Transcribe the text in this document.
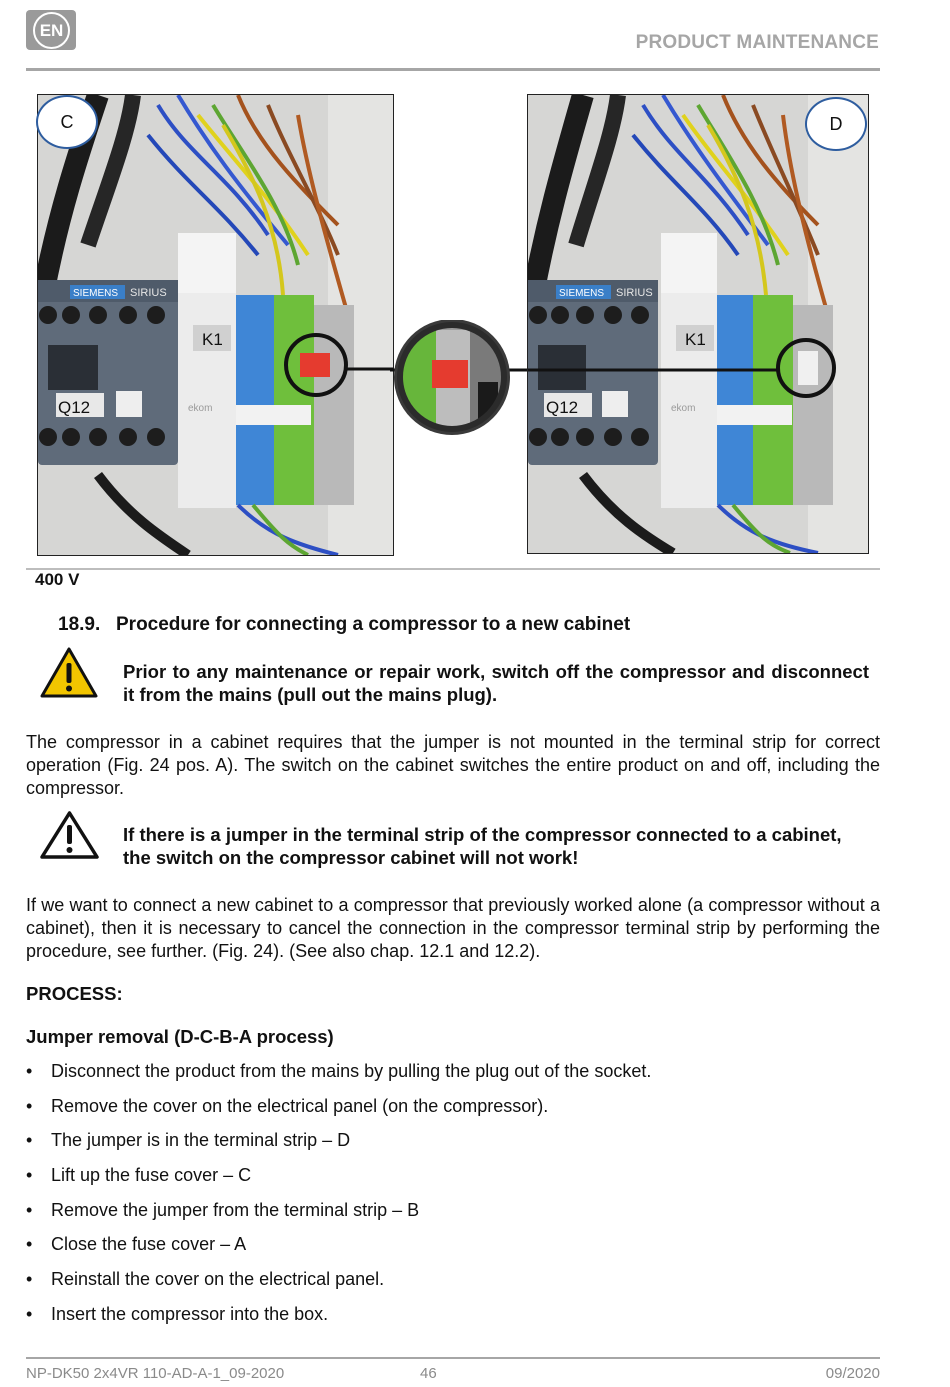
EN
PRODUCT MAINTENANCE
SIEMENS SIRIUS
Q12
K1
ekom
C
SIEMENS SIRIUS
Q12
K1
ekom
D
400 V
18.9. Procedure for connecting a compressor to a new cabinet
Prior to any maintenance or repair work, switch off the compressor and disconnect it from the mains (pull out the mains plug).
The compressor in a cabinet requires that the jumper is not mounted in the terminal strip for correct operation (Fig. 24 pos. A). The switch on the cabinet switches the entire product on and off, including the compressor.
If there is a jumper in the terminal strip of the compressor connected to a cabinet, the switch on the compressor cabinet will not work!
If we want to connect a new cabinet to a compressor that previously worked alone (a compressor without a cabinet), then it is necessary to cancel the connection in the compressor terminal strip by performing the procedure, see further. (Fig. 24). (See also chap. 12.1 and 12.2).
PROCESS:
Jumper removal (D-C-B-A process)
• Disconnect the product from the mains by pulling the plug out of the socket.
• Remove the cover on the electrical panel (on the compressor).
• The jumper is in the terminal strip – D
• Lift up the fuse cover – C
• Remove the jumper from the terminal strip – B
• Close the fuse cover – A
• Reinstall the cover on the electrical panel.
• Insert the compressor into the box.
NP-DK50 2x4VR 110-AD-A-1_09-2020	46	09/2020
